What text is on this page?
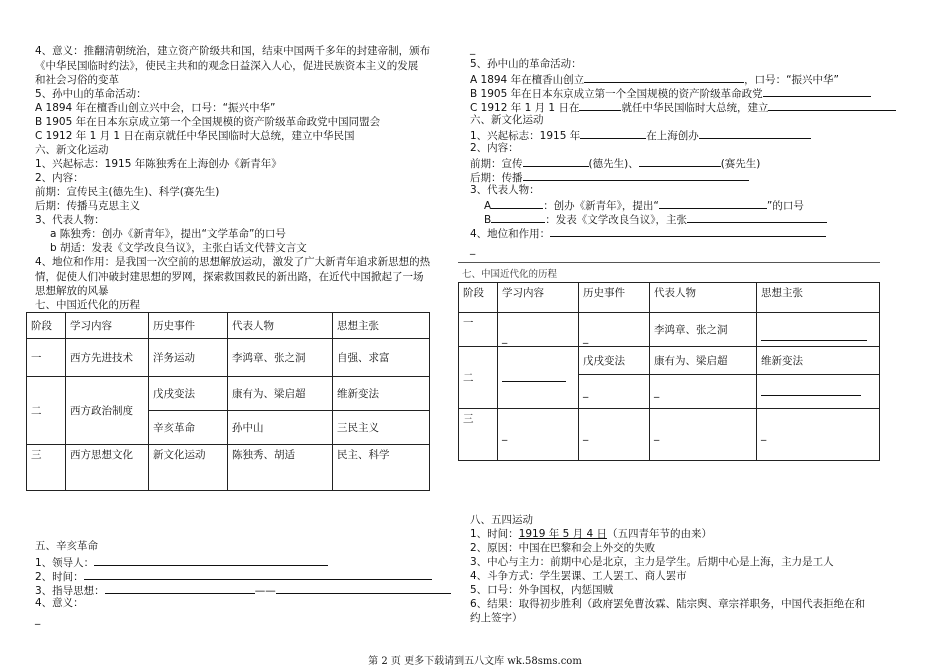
4、意义：推翻清朝统治，建立资产阶级共和国，结束中国两千多年的封建帝制，颁布
《中华民国临时约法》，使民主共和的观念日益深入人心，促进民族资本主义的发展
和社会习俗的变革
5、孙中山的革命活动：
A 1894 年在檀香山创立兴中会，口号：“振兴中华”
B 1905 年在日本东京成立第一个全国规模的资产阶级革命政党中国同盟会
C 1912 年 1 月 1 日在南京就任中华民国临时大总统，建立中华民国
六、新文化运动
1、兴起标志：1915 年陈独秀在上海创办《新青年》
2、内容：
前期：宣传民主(德先生)、科学(赛先生)
后期：传播马克思主义
3、代表人物：
a 陈独秀：创办《新青年》，提出“文学革命”的口号
b 胡适：发表《文学改良刍议》，主张白话文代替文言文
4、地位和作用：是我国一次空前的思想解放运动，激发了广大新青年追求新思想的热
情，促使人们冲破封建思想的罗网，探索救国救民的新出路，在近代中国掀起了一场
思想解放的风暴
七、中国近代化的历程
阶段	学习内容	历史事件	代表人物	思想主张
一	西方先进技术	洋务运动	李鸿章、张之洞	自强、求富
二	西方政治制度	戊戌变法	康有为、梁启超	维新变法
		辛亥革命	孙中山	三民主义
三	西方思想文化	新文化运动	陈独秀、胡适	民主、科学
五、辛亥革命
1、领导人：
2、时间：
3、指导思想：	——
4、意义：
_
_
5、孙中山的革命活动：
A 1894 年在檀香山创立	，口号：“振兴中华”
B 1905 年在日本东京成立第一个全国规模的资产阶级革命政党
C 1912 年 1 月 1 日在	就任中华民国临时大总统，建立
六、新文化运动
1、兴起标志：1915 年	在上海创办
2、内容：
前期：宣传	(德先生)、	(赛先生)
后期：传播
3、代表人物：
A	：创办《新青年》，提出“	”的口号
B	：发表《文学改良刍议》，主张
4、地位和作用：
_
七、中国近代化的历程
阶段	学习内容	历史事件	代表人物	思想主张
一	_	_	李鸿章、张之洞	
二		戊戌变法	康有为、梁启超	维新变法
		_	_	
三	_	_	_	_
八、五四运动
1、时间：1919 年 5 月 4 日（五四青年节的由来）
2、原因：中国在巴黎和会上外交的失败
3、中心与主力：前期中心是北京，主力是学生。后期中心是上海，主力是工人
4、斗争方式：学生罢课、工人罢工、商人罢市
5、口号：外争国权，内惩国贼
6、结果：取得初步胜利（政府罢免曹汝霖、陆宗舆、章宗祥职务，中国代表拒绝在和
约上签字）
第 2 页 更多下载请到五八文库 wk.58sms.com
